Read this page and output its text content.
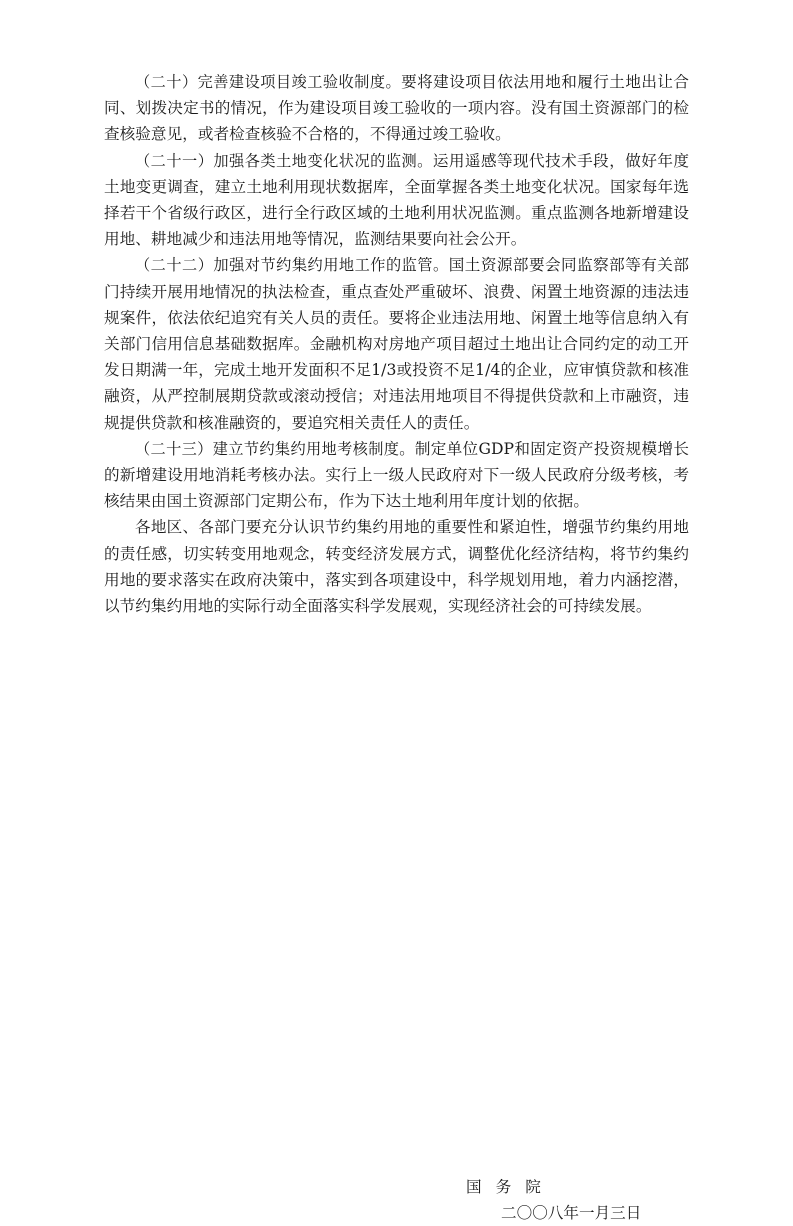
（二十）完善建设项目竣工验收制度。要将建设项目依法用地和履行土地出让合同、划拨决定书的情况，作为建设项目竣工验收的一项内容。没有国土资源部门的检查核验意见，或者检查核验不合格的，不得通过竣工验收。

（二十一）加强各类土地变化状况的监测。运用遥感等现代技术手段，做好年度土地变更调查，建立土地利用现状数据库，全面掌握各类土地变化状况。国家每年选择若干个省级行政区，进行全行政区域的土地利用状况监测。重点监测各地新增建设用地、耕地减少和违法用地等情况，监测结果要向社会公开。

（二十二）加强对节约集约用地工作的监管。国土资源部要会同监察部等有关部门持续开展用地情况的执法检查，重点查处严重破坏、浪费、闲置土地资源的违法违规案件，依法依纪追究有关人员的责任。要将企业违法用地、闲置土地等信息纳入有关部门信用信息基础数据库。金融机构对房地产项目超过土地出让合同约定的动工开发日期满一年，完成土地开发面积不足1/3或投资不足1/4的企业，应审慎贷款和核准融资，从严控制展期贷款或滚动授信；对违法用地项目不得提供贷款和上市融资，违规提供贷款和核准融资的，要追究相关责任人的责任。

（二十三）建立节约集约用地考核制度。制定单位GDP和固定资产投资规模增长的新增建设用地消耗考核办法。实行上一级人民政府对下一级人民政府分级考核，考核结果由国土资源部门定期公布，作为下达土地利用年度计划的依据。

各地区、各部门要充分认识节约集约用地的重要性和紧迫性，增强节约集约用地的责任感，切实转变用地观念，转变经济发展方式，调整优化经济结构，将节约集约用地的要求落实在政府决策中，落实到各项建设中，科学规划用地，着力内涵挖潜，以节约集约用地的实际行动全面落实科学发展观，实现经济社会的可持续发展。

国务院
二〇〇八年一月三日
